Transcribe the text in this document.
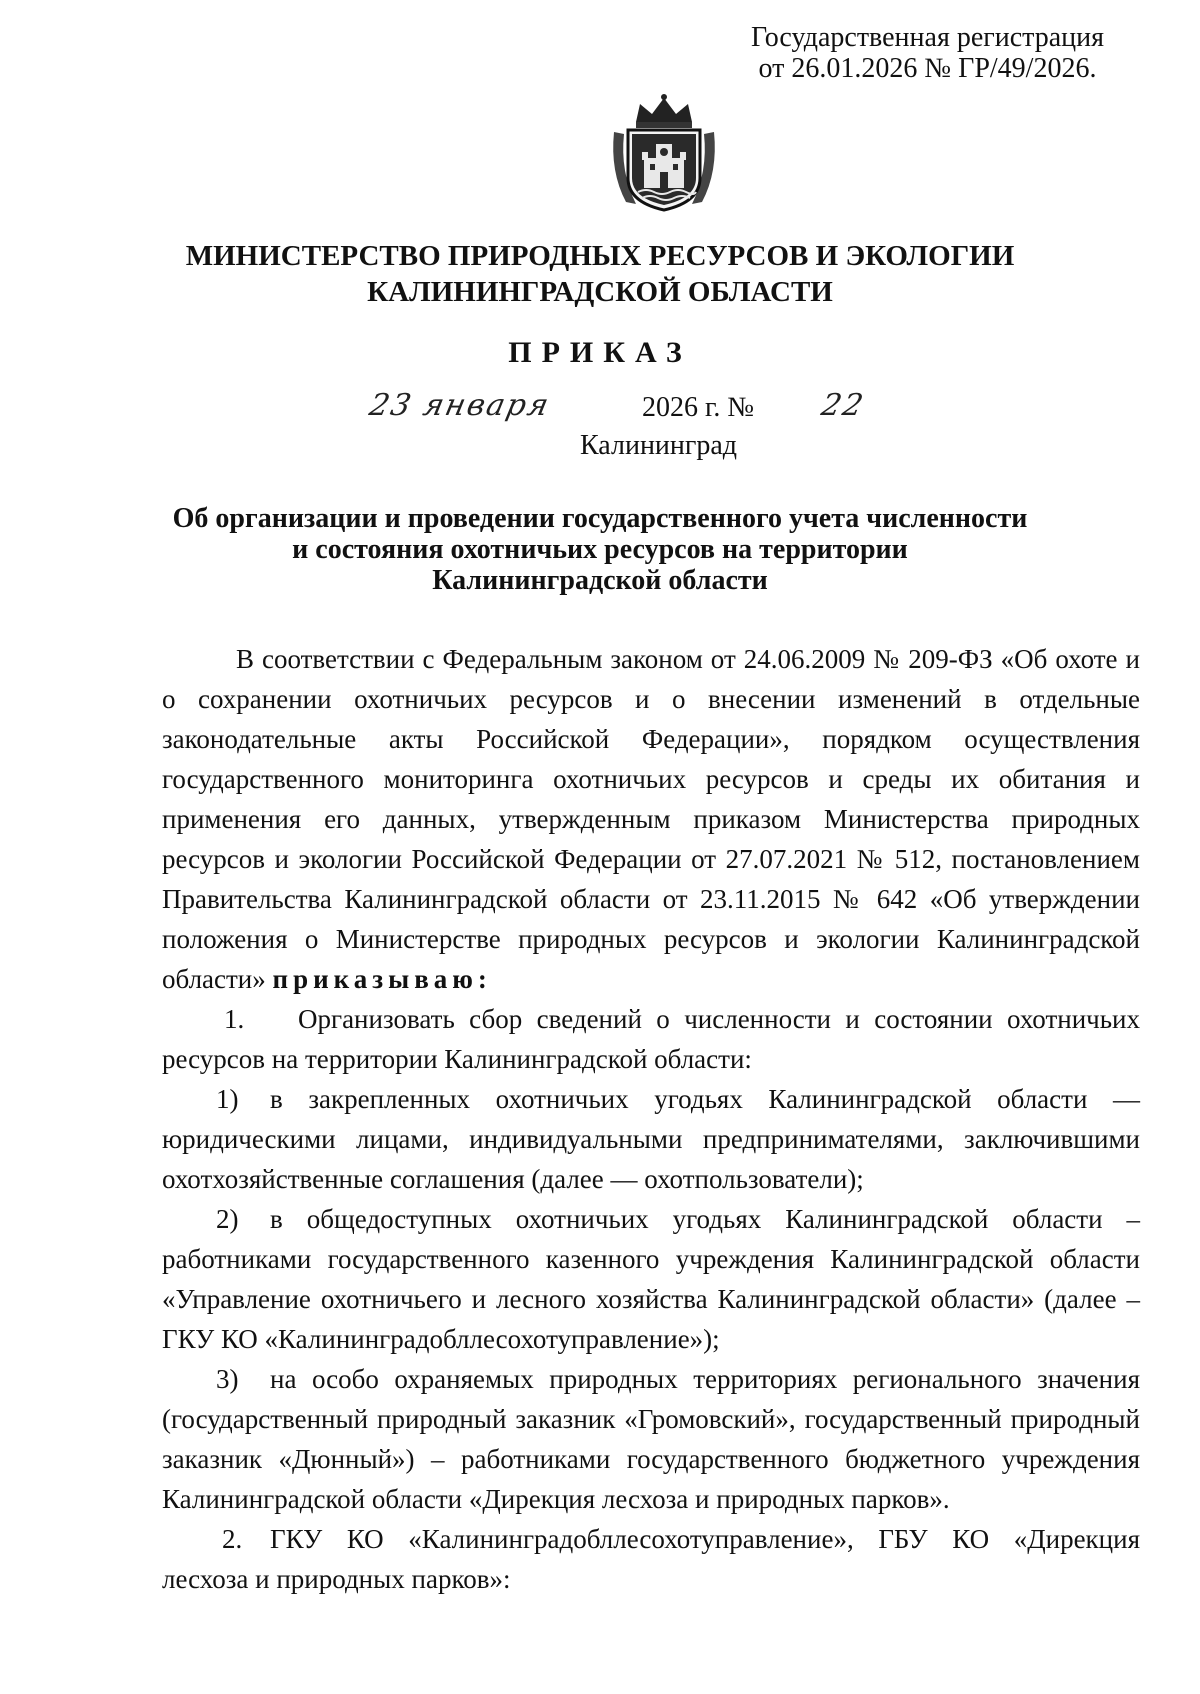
Государственная регистрация
от 26.01.2026 № ГР/49/2026.
МИНИСТЕРСТВО ПРИРОДНЫХ РЕСУРСОВ И ЭКОЛОГИИ
КАЛИНИНГРАДСКОЙ ОБЛАСТИ
ПРИКАЗ
23 января	2026 г. № 22
Калининград
Об организации и проведении государственного учета численности
и состояния охотничьих ресурсов на территории
Калининградской области

В соответствии с Федеральным законом от 24.06.2009 № 209-ФЗ «Об охоте и о сохранении охотничьих ресурсов и о внесении изменений в отдельные законодательные акты Российской Федерации», порядком осуществления государственного мониторинга охотничьих ресурсов и среды их обитания и применения его данных, утвержденным приказом Министерства природных ресурсов и экологии Российской Федерации от 27.07.2021 № 512, постановлением Правительства Калининградской области от 23.11.2015 № 642 «Об утверждении положения о Министерстве природных ресурсов и экологии Калининградской области» приказываю:

1. Организовать сбор сведений о численности и состоянии охотничьих ресурсов на территории Калининградской области:

1) в закрепленных охотничьих угодьях Калининградской области — юридическими лицами, индивидуальными предпринимателями, заключившими охотхозяйственные соглашения (далее — охотпользователи);

2) в общедоступных охотничьих угодьях Калининградской области – работниками государственного казенного учреждения Калининградской области «Управление охотничьего и лесного хозяйства Калининградской области» (далее – ГКУ КО «Калининградобллесохотуправление»);

3) на особо охраняемых природных территориях регионального значения (государственный природный заказник «Громовский», государственный природный заказник «Дюнный») – работниками государственного бюджетного учреждения Калининградской области «Дирекция лесхоза и природных парков».

2. ГКУ КО «Калининградобллесохотуправление», ГБУ КО «Дирекция лесхоза и природных парков»:
